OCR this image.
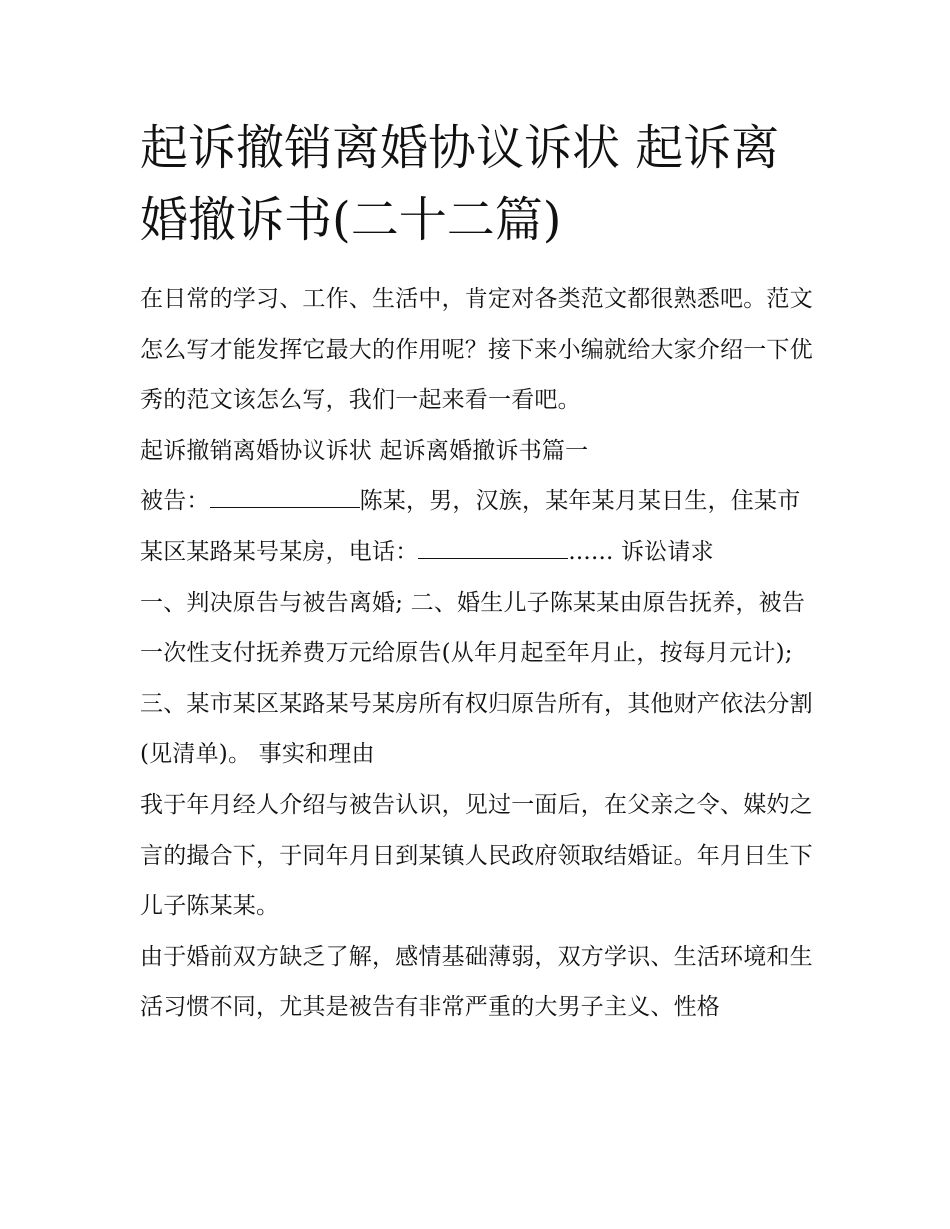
起诉撤销离婚协议诉状 起诉离婚撤诉书(二十二篇)

在日常的学习、工作、生活中，肯定对各类范文都很熟悉吧。范文怎么写才能发挥它最大的作用呢？接下来小编就给大家介绍一下优秀的范文该怎么写，我们一起来看一看吧。

起诉撤销离婚协议诉状 起诉离婚撤诉书篇一

被告：	陈某，男，汉族，某年某月某日生，住某市某区某路某号某房，电话：	...... 诉讼请求

一、判决原告与被告离婚; 二、婚生儿子陈某某由原告抚养，被告一次性支付抚养费万元给原告(从年月起至年月止，按每月元计);

三、某市某区某路某号某房所有权归原告所有，其他财产依法分割(见清单)。 事实和理由

我于年月经人介绍与被告认识，见过一面后，在父亲之令、媒妁之言的撮合下，于同年月日到某镇人民政府领取结婚证。年月日生下儿子陈某某。

由于婚前双方缺乏了解，感情基础薄弱，双方学识、生活环境和生活习惯不同，尤其是被告有非常严重的大男子主义、性格
